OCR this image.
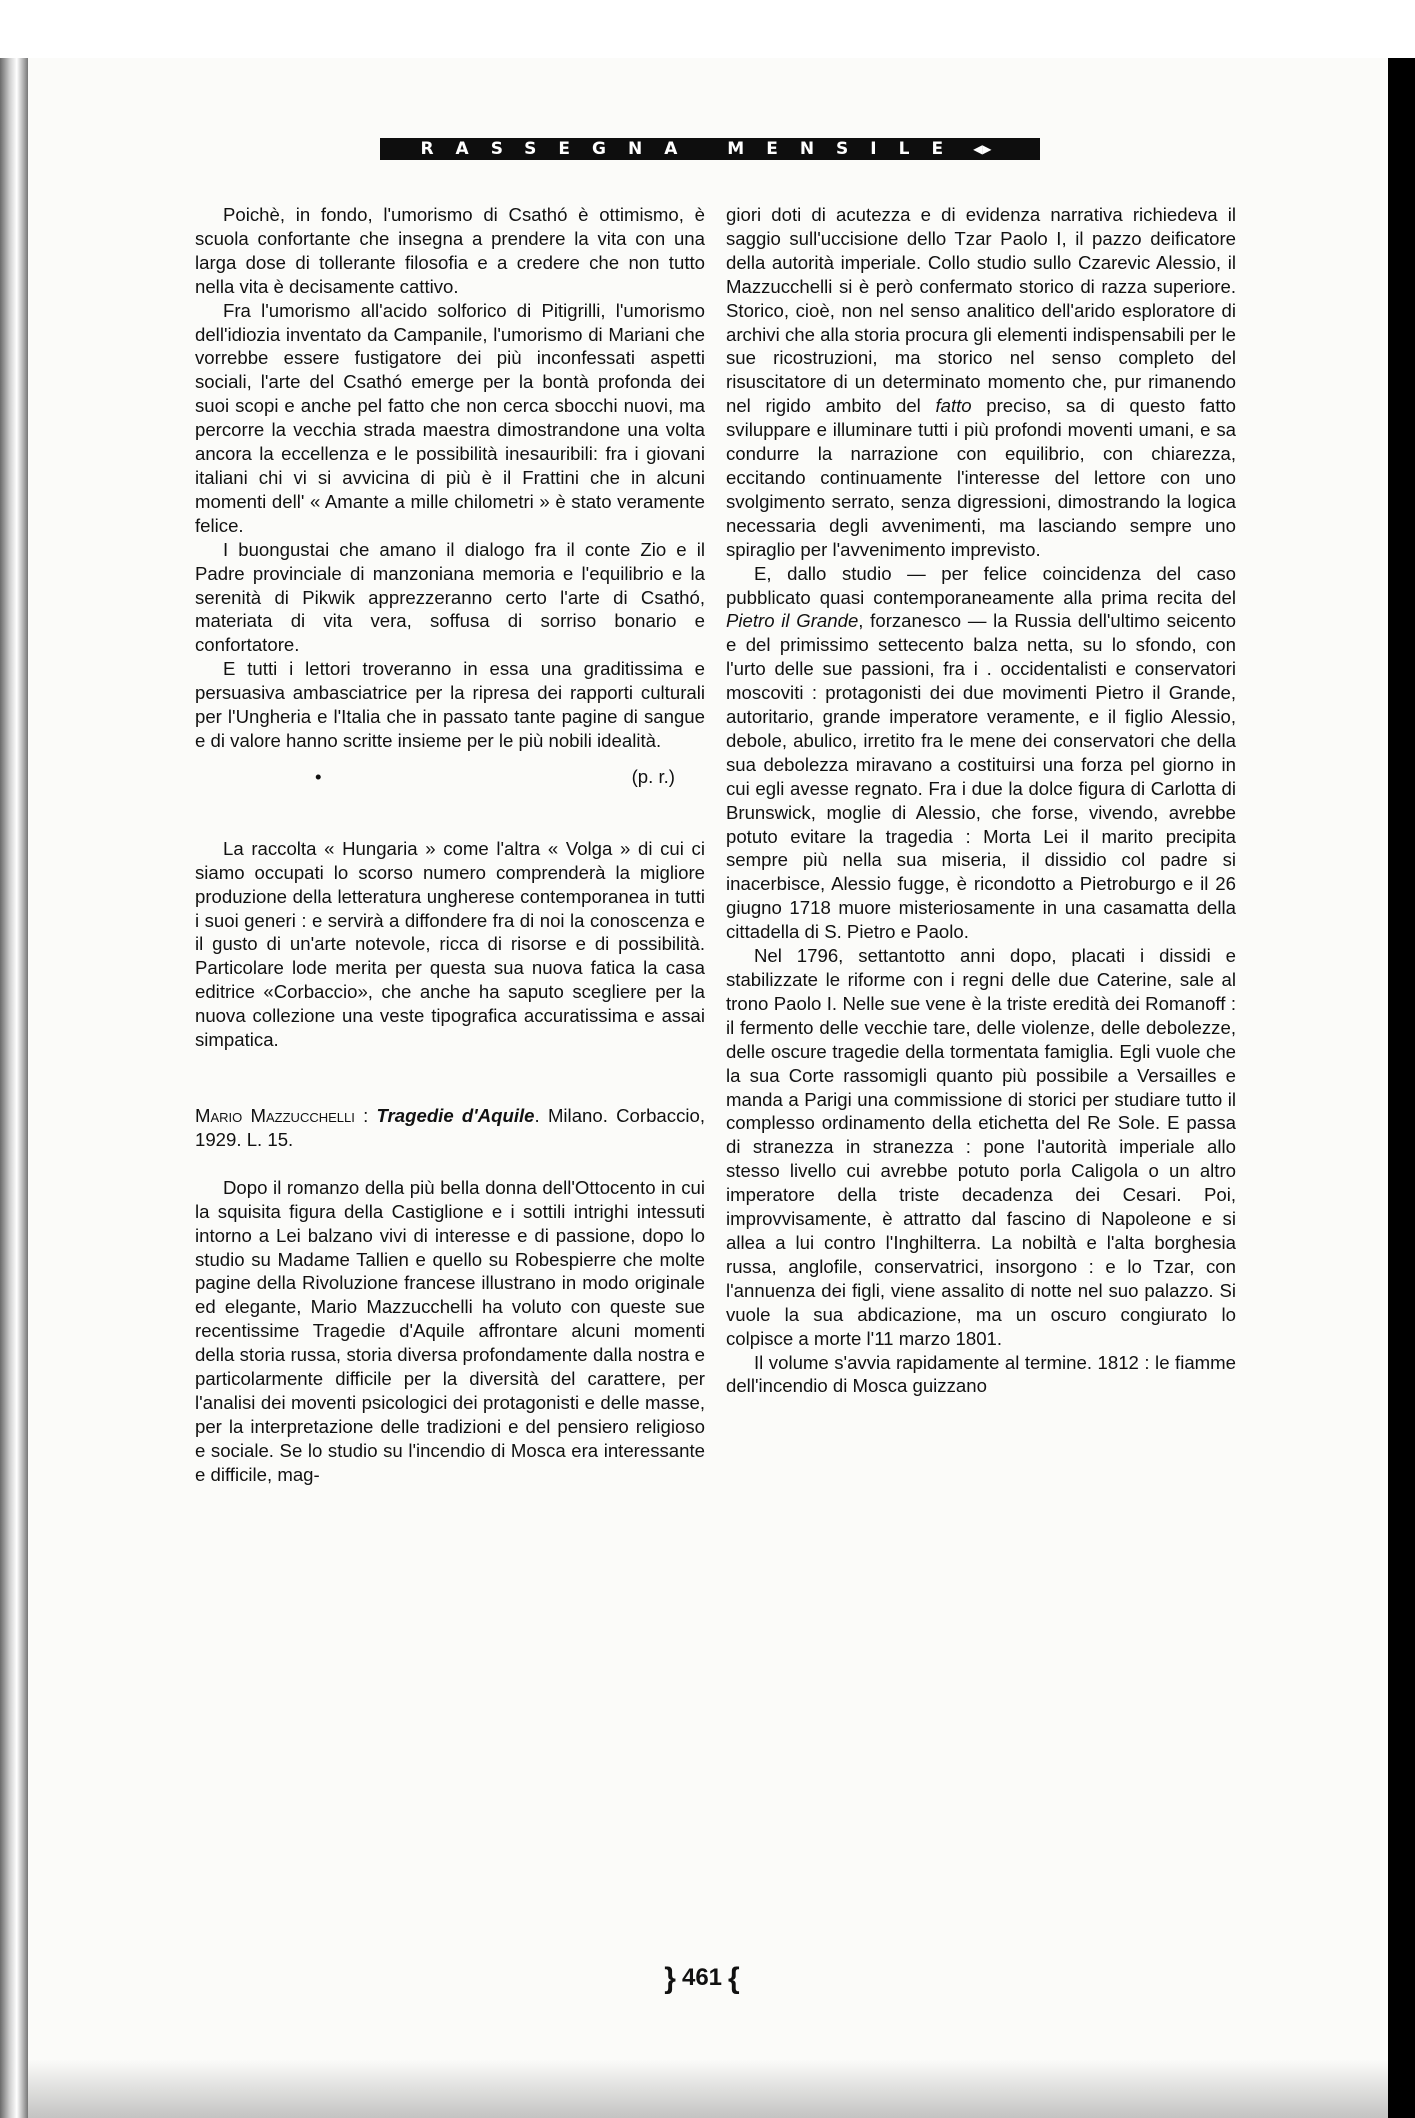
RASSEGNA MENSILE ◀▶

Poichè, in fondo, l'umorismo di Csathó è ottimismo, è scuola confortante che insegna a prendere la vita con una larga dose di tollerante filosofia e a credere che non tutto nella vita è decisamente cattivo.

Fra l'umorismo all'acido solforico di Pitigrilli, l'umorismo dell'idiozia inventato da Campanile, l'umorismo di Mariani che vorrebbe essere fustigatore dei più inconfessati aspetti sociali, l'arte del Csathó emerge per la bontà profonda dei suoi scopi e anche pel fatto che non cerca sbocchi nuovi, ma percorre la vecchia strada maestra dimostrandone una volta ancora la eccellenza e le possibilità inesauribili: fra i giovani italiani chi vi si avvicina di più è il Frattini che in alcuni momenti dell' « Amante a mille chilometri » è stato veramente felice.

I buongustai che amano il dialogo fra il conte Zio e il Padre provinciale di manzoniana memoria e l'equilibrio e la serenità di Pikwik apprezzeranno certo l'arte di Csathó, materiata di vita vera, soffusa di sorriso bonario e confortatore.

E tutti i lettori troveranno in essa una graditissima e persuasiva ambasciatrice per la ripresa dei rapporti culturali per l'Ungheria e l'Italia che in passato tante pagine di sangue e di valore hanno scritte insieme per le più nobili idealità.

•	(p. r.)

La raccolta « Hungaria » come l'altra « Volga » di cui ci siamo occupati lo scorso numero comprenderà la migliore produzione della letteratura ungherese contemporanea in tutti i suoi generi : e servirà a diffondere fra di noi la conoscenza e il gusto di un'arte notevole, ricca di risorse e di possibilità. Particolare lode merita per questa sua nuova fatica la casa editrice «Corbaccio», che anche ha saputo scegliere per la nuova collezione una veste tipografica accuratissima e assai simpatica.

Mario Mazzucchelli : Tragedie d'Aquile. Milano. Corbaccio, 1929. L. 15.

Dopo il romanzo della più bella donna dell'Ottocento in cui la squisita figura della Castiglione e i sottili intrighi intessuti intorno a Lei balzano vivi di interesse e di passione, dopo lo studio su Madame Tallien e quello su Robespierre che molte pagine della Rivoluzione francese illustrano in modo originale ed elegante, Mario Mazzucchelli ha voluto con queste sue recentissime Tragedie d'Aquile affrontare alcuni momenti della storia russa, storia diversa profondamente dalla nostra e particolarmente difficile per la diversità del carattere, per l'analisi dei moventi psicologici dei protagonisti e delle masse, per la interpretazione delle tradizioni e del pensiero religioso e sociale. Se lo studio su l'incendio di Mosca era interessante e difficile, mag-

giori doti di acutezza e di evidenza narrativa richiedeva il saggio sull'uccisione dello Tzar Paolo I, il pazzo deificatore della autorità imperiale. Collo studio sullo Czarevic Alessio, il Mazzucchelli si è però confermato storico di razza superiore. Storico, cioè, non nel senso analitico dell'arido esploratore di archivi che alla storia procura gli elementi indispensabili per le sue ricostruzioni, ma storico nel senso completo del risuscitatore di un determinato momento che, pur rimanendo nel rigido ambito del fatto preciso, sa di questo fatto sviluppare e illuminare tutti i più profondi moventi umani, e sa condurre la narrazione con equilibrio, con chiarezza, eccitando continuamente l'interesse del lettore con uno svolgimento serrato, senza digressioni, dimostrando la logica necessaria degli avvenimenti, ma lasciando sempre uno spiraglio per l'avvenimento imprevisto.

E, dallo studio — per felice coincidenza del caso pubblicato quasi contemporaneamente alla prima recita del Pietro il Grande, forzanesco — la Russia dell'ultimo seicento e del primissimo settecento balza netta, su lo sfondo, con l'urto delle sue passioni, fra i . occidentalisti e conservatori moscoviti : protagonisti dei due movimenti Pietro il Grande, autoritario, grande imperatore veramente, e il figlio Alessio, debole, abulico, irretito fra le mene dei conservatori che della sua debolezza miravano a costituirsi una forza pel giorno in cui egli avesse regnato. Fra i due la dolce figura di Carlotta di Brunswick, moglie di Alessio, che forse, vivendo, avrebbe potuto evitare la tragedia : Morta Lei il marito precipita sempre più nella sua miseria, il dissidio col padre si inacerbisce, Alessio fugge, è ricondotto a Pietroburgo e il 26 giugno 1718 muore misteriosamente in una casamatta della cittadella di S. Pietro e Paolo.

Nel 1796, settantotto anni dopo, placati i dissidi e stabilizzate le riforme con i regni delle due Caterine, sale al trono Paolo I. Nelle sue vene è la triste eredità dei Romanoff : il fermento delle vecchie tare, delle violenze, delle debolezze, delle oscure tragedie della tormentata famiglia. Egli vuole che la sua Corte rassomigli quanto più possibile a Versailles e manda a Parigi una commissione di storici per studiare tutto il complesso ordinamento della etichetta del Re Sole. E passa di stranezza in stranezza : pone l'autorità imperiale allo stesso livello cui avrebbe potuto porla Caligola o un altro imperatore della triste decadenza dei Cesari. Poi, improvvisamente, è attratto dal fascino di Napoleone e si allea a lui contro l'Inghilterra. La nobiltà e l'alta borghesia russa, anglofile, conservatrici, insorgono : e lo Tzar, con l'annuenza dei figli, viene assalito di notte nel suo palazzo. Si vuole la sua abdicazione, ma un oscuro congiurato lo colpisce a morte l'11 marzo 1801.

Il volume s'avvia rapidamente al termine. 1812 : le fiamme dell'incendio di Mosca guizzano

} 461 {
